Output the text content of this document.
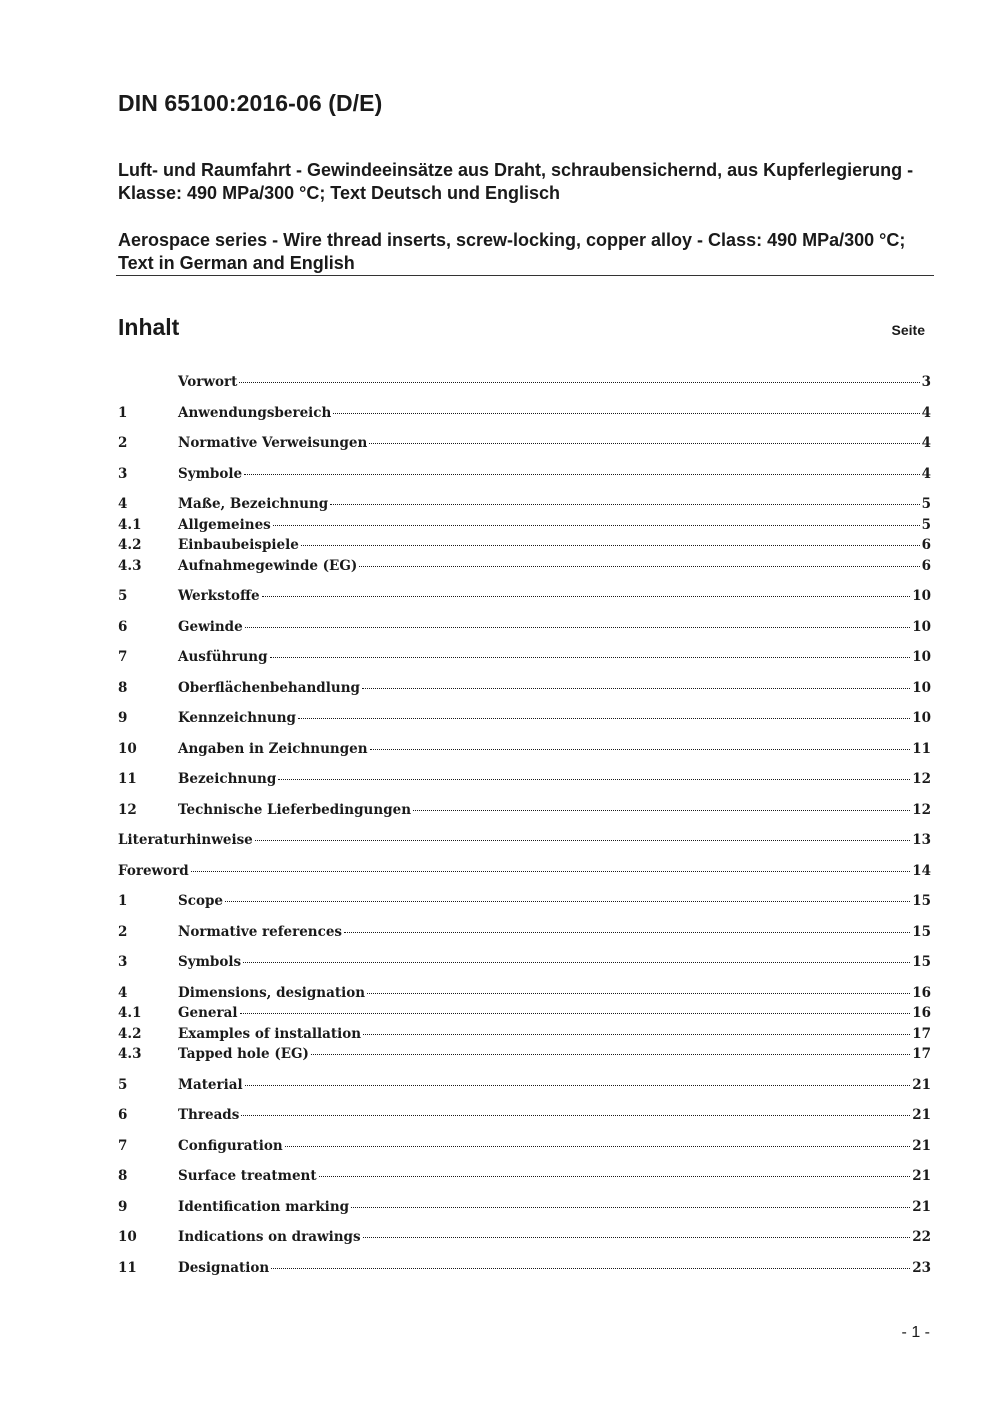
DIN 65100:2016-06 (D/E)

Luft- und Raumfahrt - Gewindeeinsätze aus Draht, schraubensichernd, aus Kupferlegierung - Klasse: 490 MPa/300 °C; Text Deutsch und Englisch

Aerospace series - Wire thread inserts, screw-locking, copper alloy - Class: 490 MPa/300 °C; Text in German and English

Inhalt	Seite
Vorwort	3
1	Anwendungsbereich	4
2	Normative Verweisungen	4
3	Symbole	4
4	Maße, Bezeichnung	5
4.1	Allgemeines	5
4.2	Einbaubeispiele	6
4.3	Aufnahmegewinde (EG)	6
5	Werkstoffe	10
6	Gewinde	10
7	Ausführung	10
8	Oberflächenbehandlung	10
9	Kennzeichnung	10
10	Angaben in Zeichnungen	11
11	Bezeichnung	12
12	Technische Lieferbedingungen	12
Literaturhinweise	13
Foreword	14
1	Scope	15
2	Normative references	15
3	Symbols	15
4	Dimensions, designation	16
4.1	General	16
4.2	Examples of installation	17
4.3	Tapped hole (EG)	17
5	Material	21
6	Threads	21
7	Configuration	21
8	Surface treatment	21
9	Identification marking	21
10	Indications on drawings	22
11	Designation	23
- 1 -
